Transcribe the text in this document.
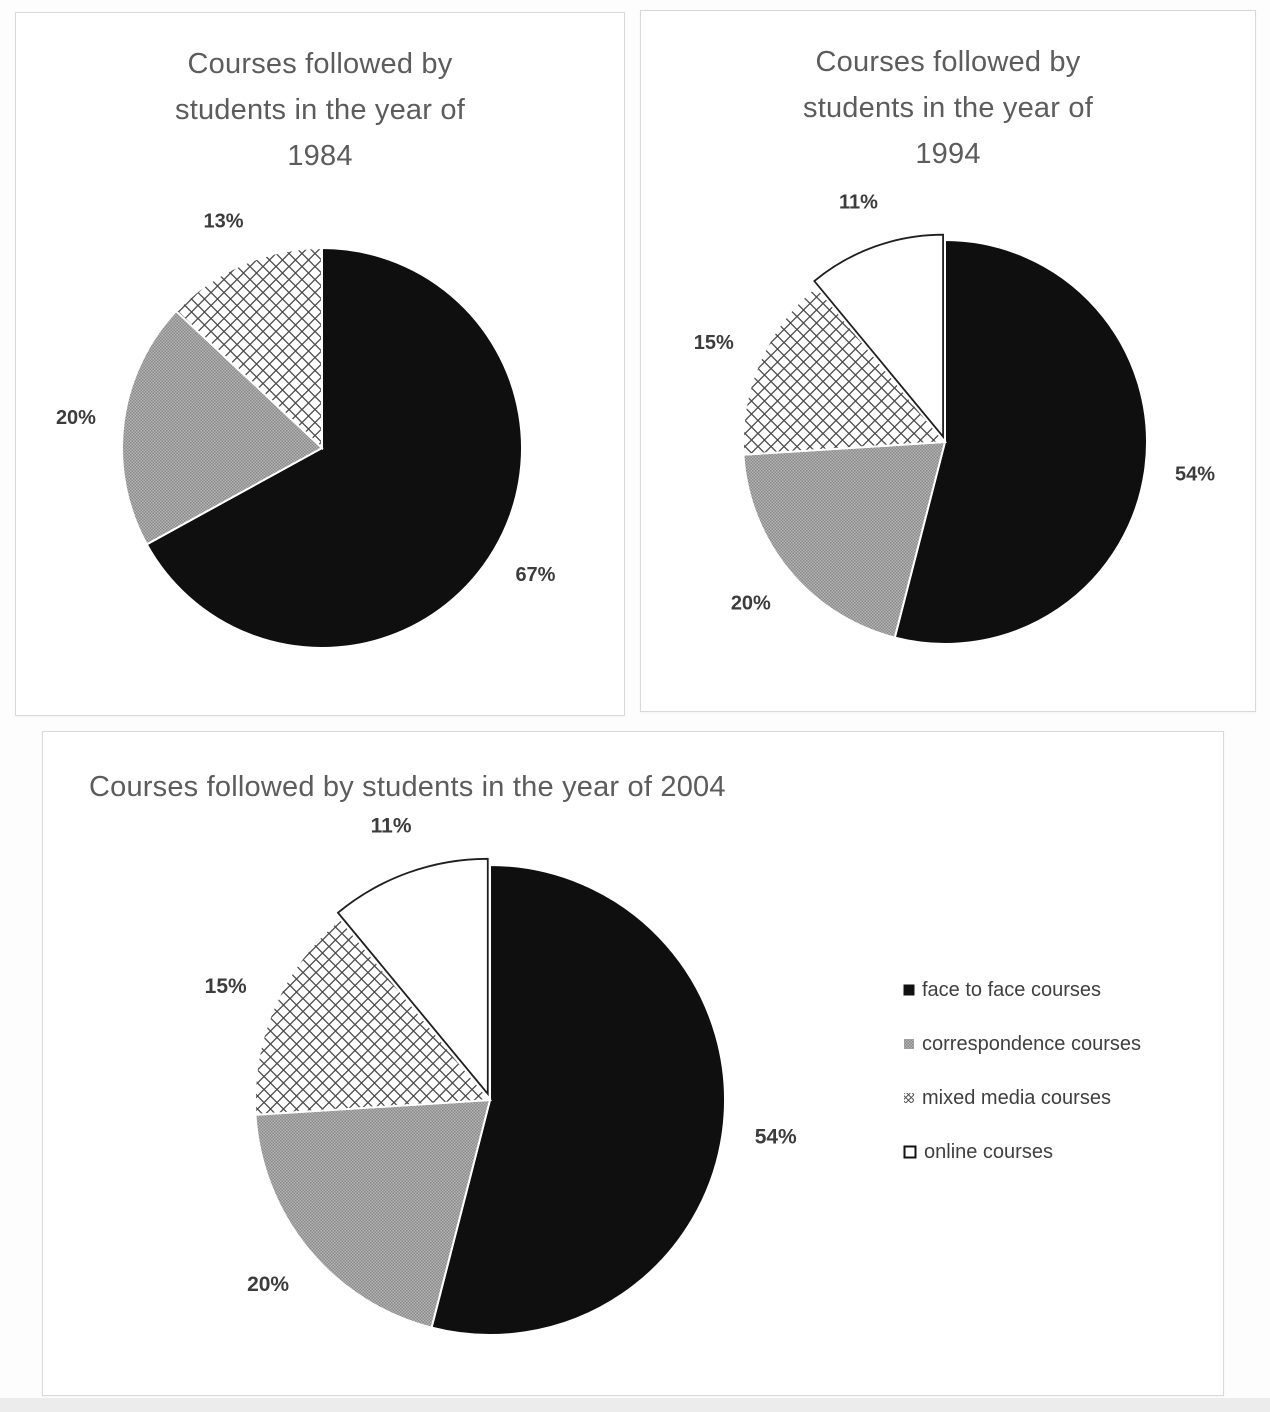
Courses followed by
students in the year of
1984
67%
20%
13%
Courses followed by
students in the year of
1994
54%
20%
15%
11%
Courses followed by students in the year of 2004
54%
20%
15%
11%
face to face courses
correspondence courses
mixed media courses
online courses
